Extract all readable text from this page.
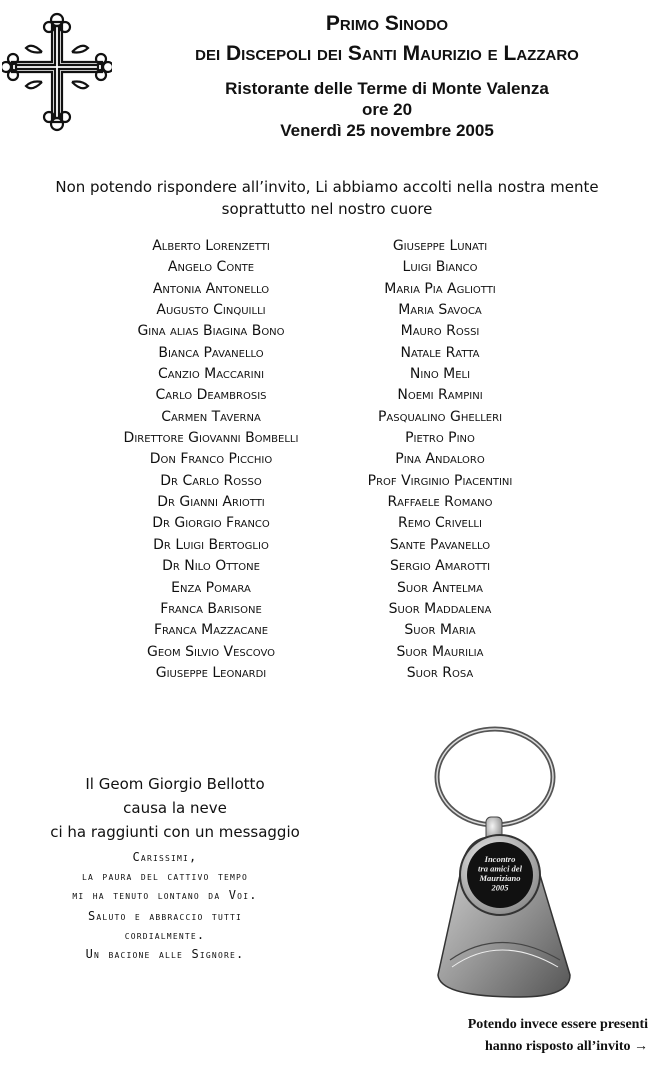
Primo Sinodo
dei Discepoli dei Santi Maurizio e Lazzaro
Ristorante delle Terme di Monte Valenza
ore 20
Venerdì 25 novembre 2005
Non potendo rispondere all’invito, Li abbiamo accolti nella nostra mente
soprattutto nel nostro cuore
Alberto Lorenzetti
Angelo Conte
Antonia Antonello
Augusto Cinquilli
Gina alias Biagina Bono
Bianca Pavanello
Canzio Maccarini
Carlo Deambrosis
Carmen Taverna
Direttore Giovanni Bombelli
Don Franco Picchio
Dr Carlo Rosso
Dr Gianni Ariotti
Dr Giorgio Franco
Dr Luigi Bertoglio
Dr Nilo Ottone
Enza Pomara
Franca Barisone
Franca Mazzacane
Geom Silvio Vescovo
Giuseppe Leonardi
Giuseppe Lunati
Luigi Bianco
Maria Pia Agliotti
Maria Savoca
Mauro Rossi
Natale Ratta
Nino Meli
Noemi Rampini
Pasqualino Ghelleri
Pietro Pino
Pina Andaloro
Prof Virginio Piacentini
Raffaele Romano
Remo Crivelli
Sante Pavanello
Sergio Amarotti
Suor Antelma
Suor Maddalena
Suor Maria
Suor Maurilia
Suor Rosa
Il Geom Giorgio Bellotto
causa la neve
ci ha raggiunti con un messaggio
Carissimi,
la paura del cattivo tempo
mi ha tenuto lontano da Voi.
Saluto e abbraccio tutti
cordialmente.
Un bacione alle Signore.
Incontro tra amici del Mauriziano 2005
Potendo invece essere presenti
hanno risposto all’invito →
